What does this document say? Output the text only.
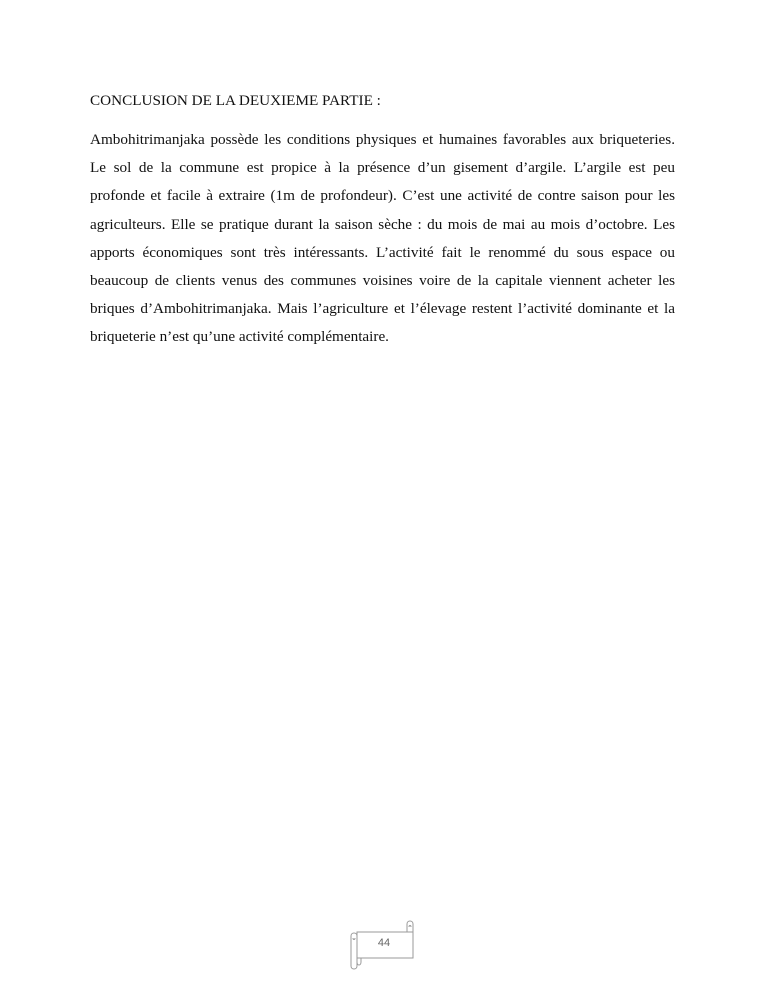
CONCLUSION DE LA DEUXIEME PARTIE :

Ambohitrimanjaka possède les conditions physiques et humaines favorables aux briqueteries. Le sol de la commune est propice à la présence d’un gisement d’argile. L’argile est peu profonde et facile à extraire (1m de profondeur). C’est une activité de contre saison pour les agriculteurs. Elle se pratique durant la saison sèche : du mois de mai au mois d’octobre. Les apports économiques sont très intéressants. L’activité fait le renommé du sous espace ou beaucoup de clients venus des communes voisines voire de la capitale viennent acheter les briques d’Ambohitrimanjaka. Mais l’agriculture et l’élevage restent l’activité dominante et la briqueterie n’est qu’une activité complémentaire.

44
